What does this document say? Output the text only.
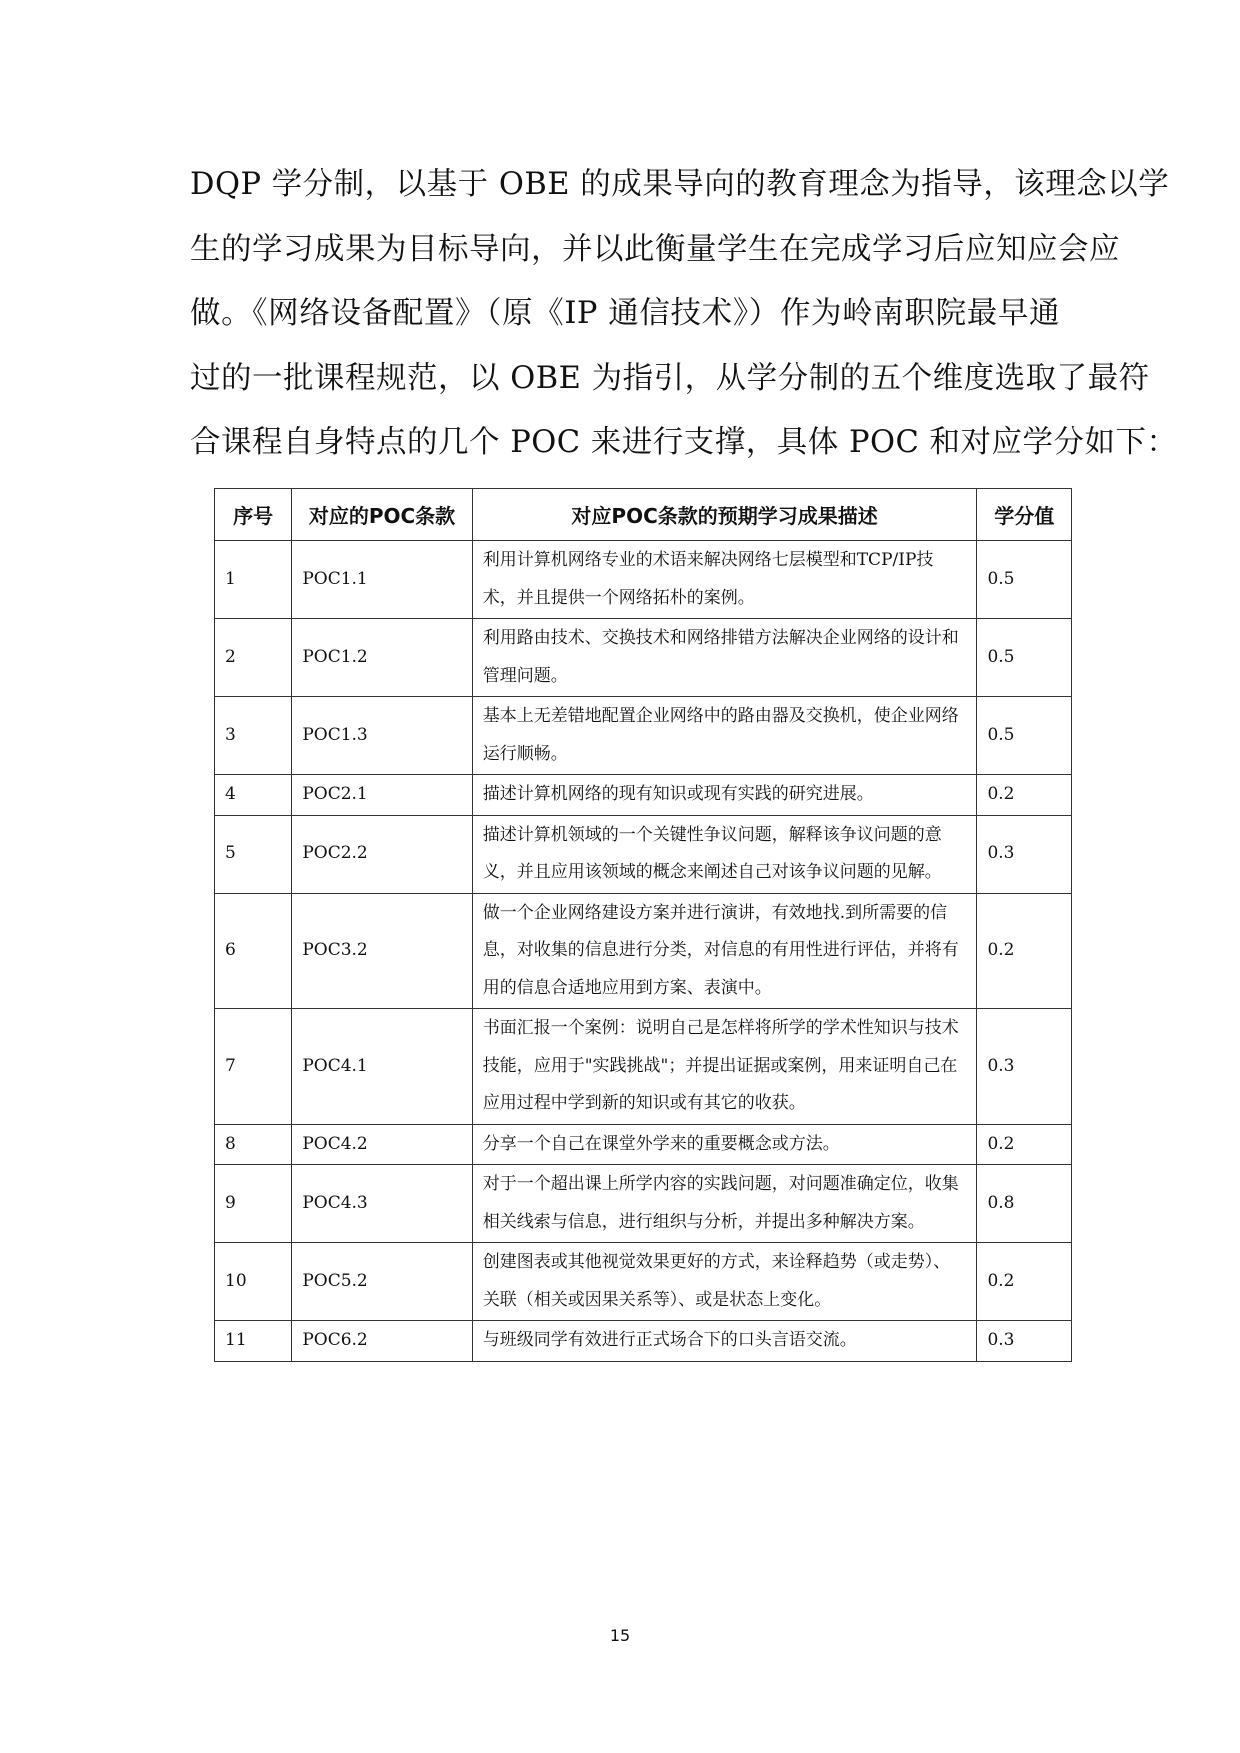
DQP 学分制，以基于 OBE 的成果导向的教育理念为指导，该理念以学
生的学习成果为目标导向，并以此衡量学生在完成学习后应知应会应
做。《网络设备配置》（原《IP 通信技术》）作为岭南职院最早通
过的一批课程规范，以 OBE 为指引，从学分制的五个维度选取了最符
合课程自身特点的几个 POC 来进行支撑，具体 POC 和对应学分如下：
序号	对应的POC条款	对应POC条款的预期学习成果描述	学分值
1	POC1.1	利用计算机网络专业的术语来解决网络七层模型和TCP/IP技术，并且提供一个网络拓朴的案例。	0.5
2	POC1.2	利用路由技术、交换技术和网络排错方法解决企业网络的设计和管理问题。	0.5
3	POC1.3	基本上无差错地配置企业网络中的路由器及交换机，使企业网络运行顺畅。	0.5
4	POC2.1	描述计算机网络的现有知识或现有实践的研究进展。	0.2
5	POC2.2	描述计算机领域的一个关键性争议问题，解释该争议问题的意义，并且应用该领域的概念来阐述自己对该争议问题的见解。	0.3
6	POC3.2	做一个企业网络建设方案并进行演讲，有效地找.到所需要的信息，对收集的信息进行分类，对信息的有用性进行评估，并将有用的信息合适地应用到方案、表演中。	0.2
7	POC4.1	书面汇报一个案例：说明自己是怎样将所学的学术性知识与技术技能，应用于"实践挑战"；并提出证据或案例，用来证明自己在应用过程中学到新的知识或有其它的收获。	0.3
8	POC4.2	分享一个自己在课堂外学来的重要概念或方法。	0.2
9	POC4.3	对于一个超出课上所学内容的实践问题，对问题准确定位，收集相关线索与信息，进行组织与分析，并提出多种解决方案。	0.8
10	POC5.2	创建图表或其他视觉效果更好的方式，来诠释趋势（或走势）、关联（相关或因果关系等）、或是状态上变化。	0.2
11	POC6.2	与班级同学有效进行正式场合下的口头言语交流。	0.3
15
